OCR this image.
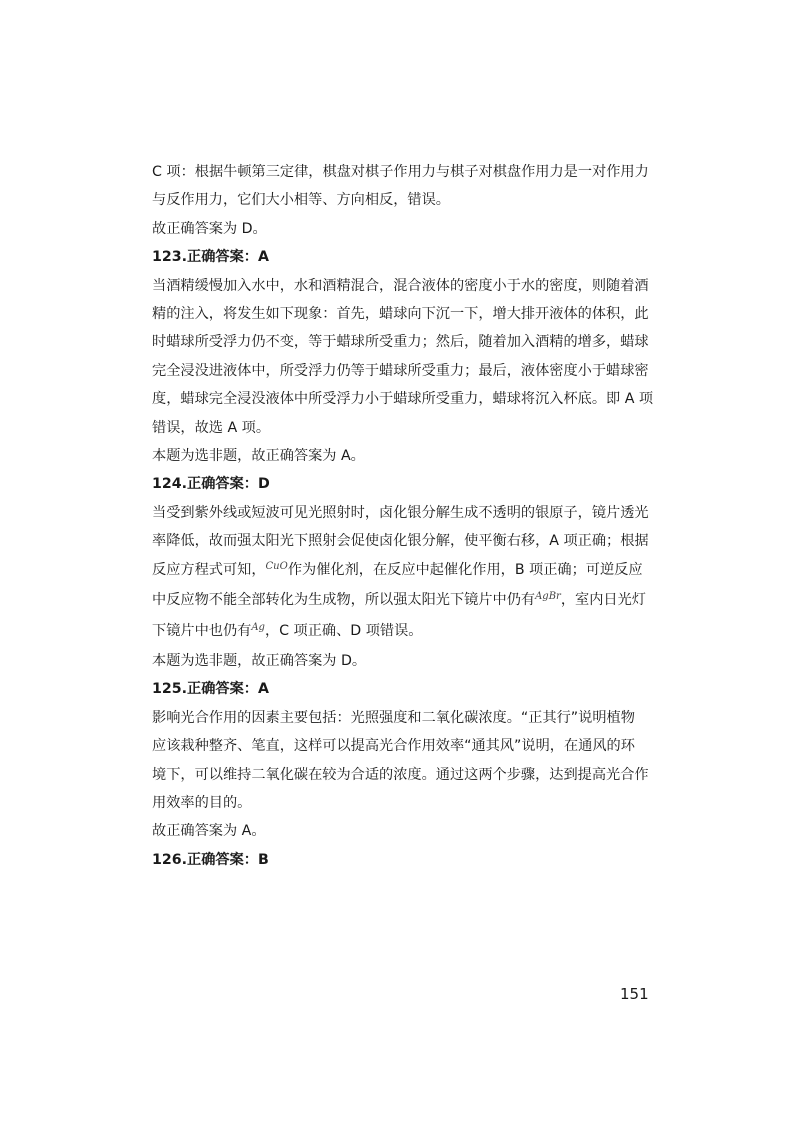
C 项：根据牛顿第三定律，棋盘对棋子作用力与棋子对棋盘作用力是一对作用力
与反作用力，它们大小相等、方向相反，错误。

故正确答案为 D。

123.正确答案：A

当酒精缓慢加入水中，水和酒精混合，混合液体的密度小于水的密度，则随着酒
精的注入，将发生如下现象：首先，蜡球向下沉一下，增大排开液体的体积，此
时蜡球所受浮力仍不变，等于蜡球所受重力；然后，随着加入酒精的增多，蜡球
完全浸没进液体中，所受浮力仍等于蜡球所受重力；最后，液体密度小于蜡球密
度，蜡球完全浸没液体中所受浮力小于蜡球所受重力，蜡球将沉入杯底。即 A 项
错误，故选 A 项。

本题为选非题，故正确答案为 A。

124.正确答案：D

当受到紫外线或短波可见光照射时，卤化银分解生成不透明的银原子，镜片透光
率降低，故而强太阳光下照射会促使卤化银分解，使平衡右移，A 项正确；根据
反应方程式可知，$^{CuO}$作为催化剂，在反应中起催化作用，B 项正确；可逆反应
中反应物不能全部转化为生成物，所以强太阳光下镜片中仍有$^{AgBr}$，室内日光灯
下镜片中也仍有$^{Ag}$，C 项正确、D 项错误。

本题为选非题，故正确答案为 D。

125.正确答案：A

影响光合作用的因素主要包括：光照强度和二氧化碳浓度。“正其行”说明植物
应该栽种整齐、笔直，这样可以提高光合作用效率“通其风”说明，在通风的环
境下，可以维持二氧化碳在较为合适的浓度。通过这两个步骤，达到提高光合作
用效率的目的。

故正确答案为 A。

126.正确答案：B

151
